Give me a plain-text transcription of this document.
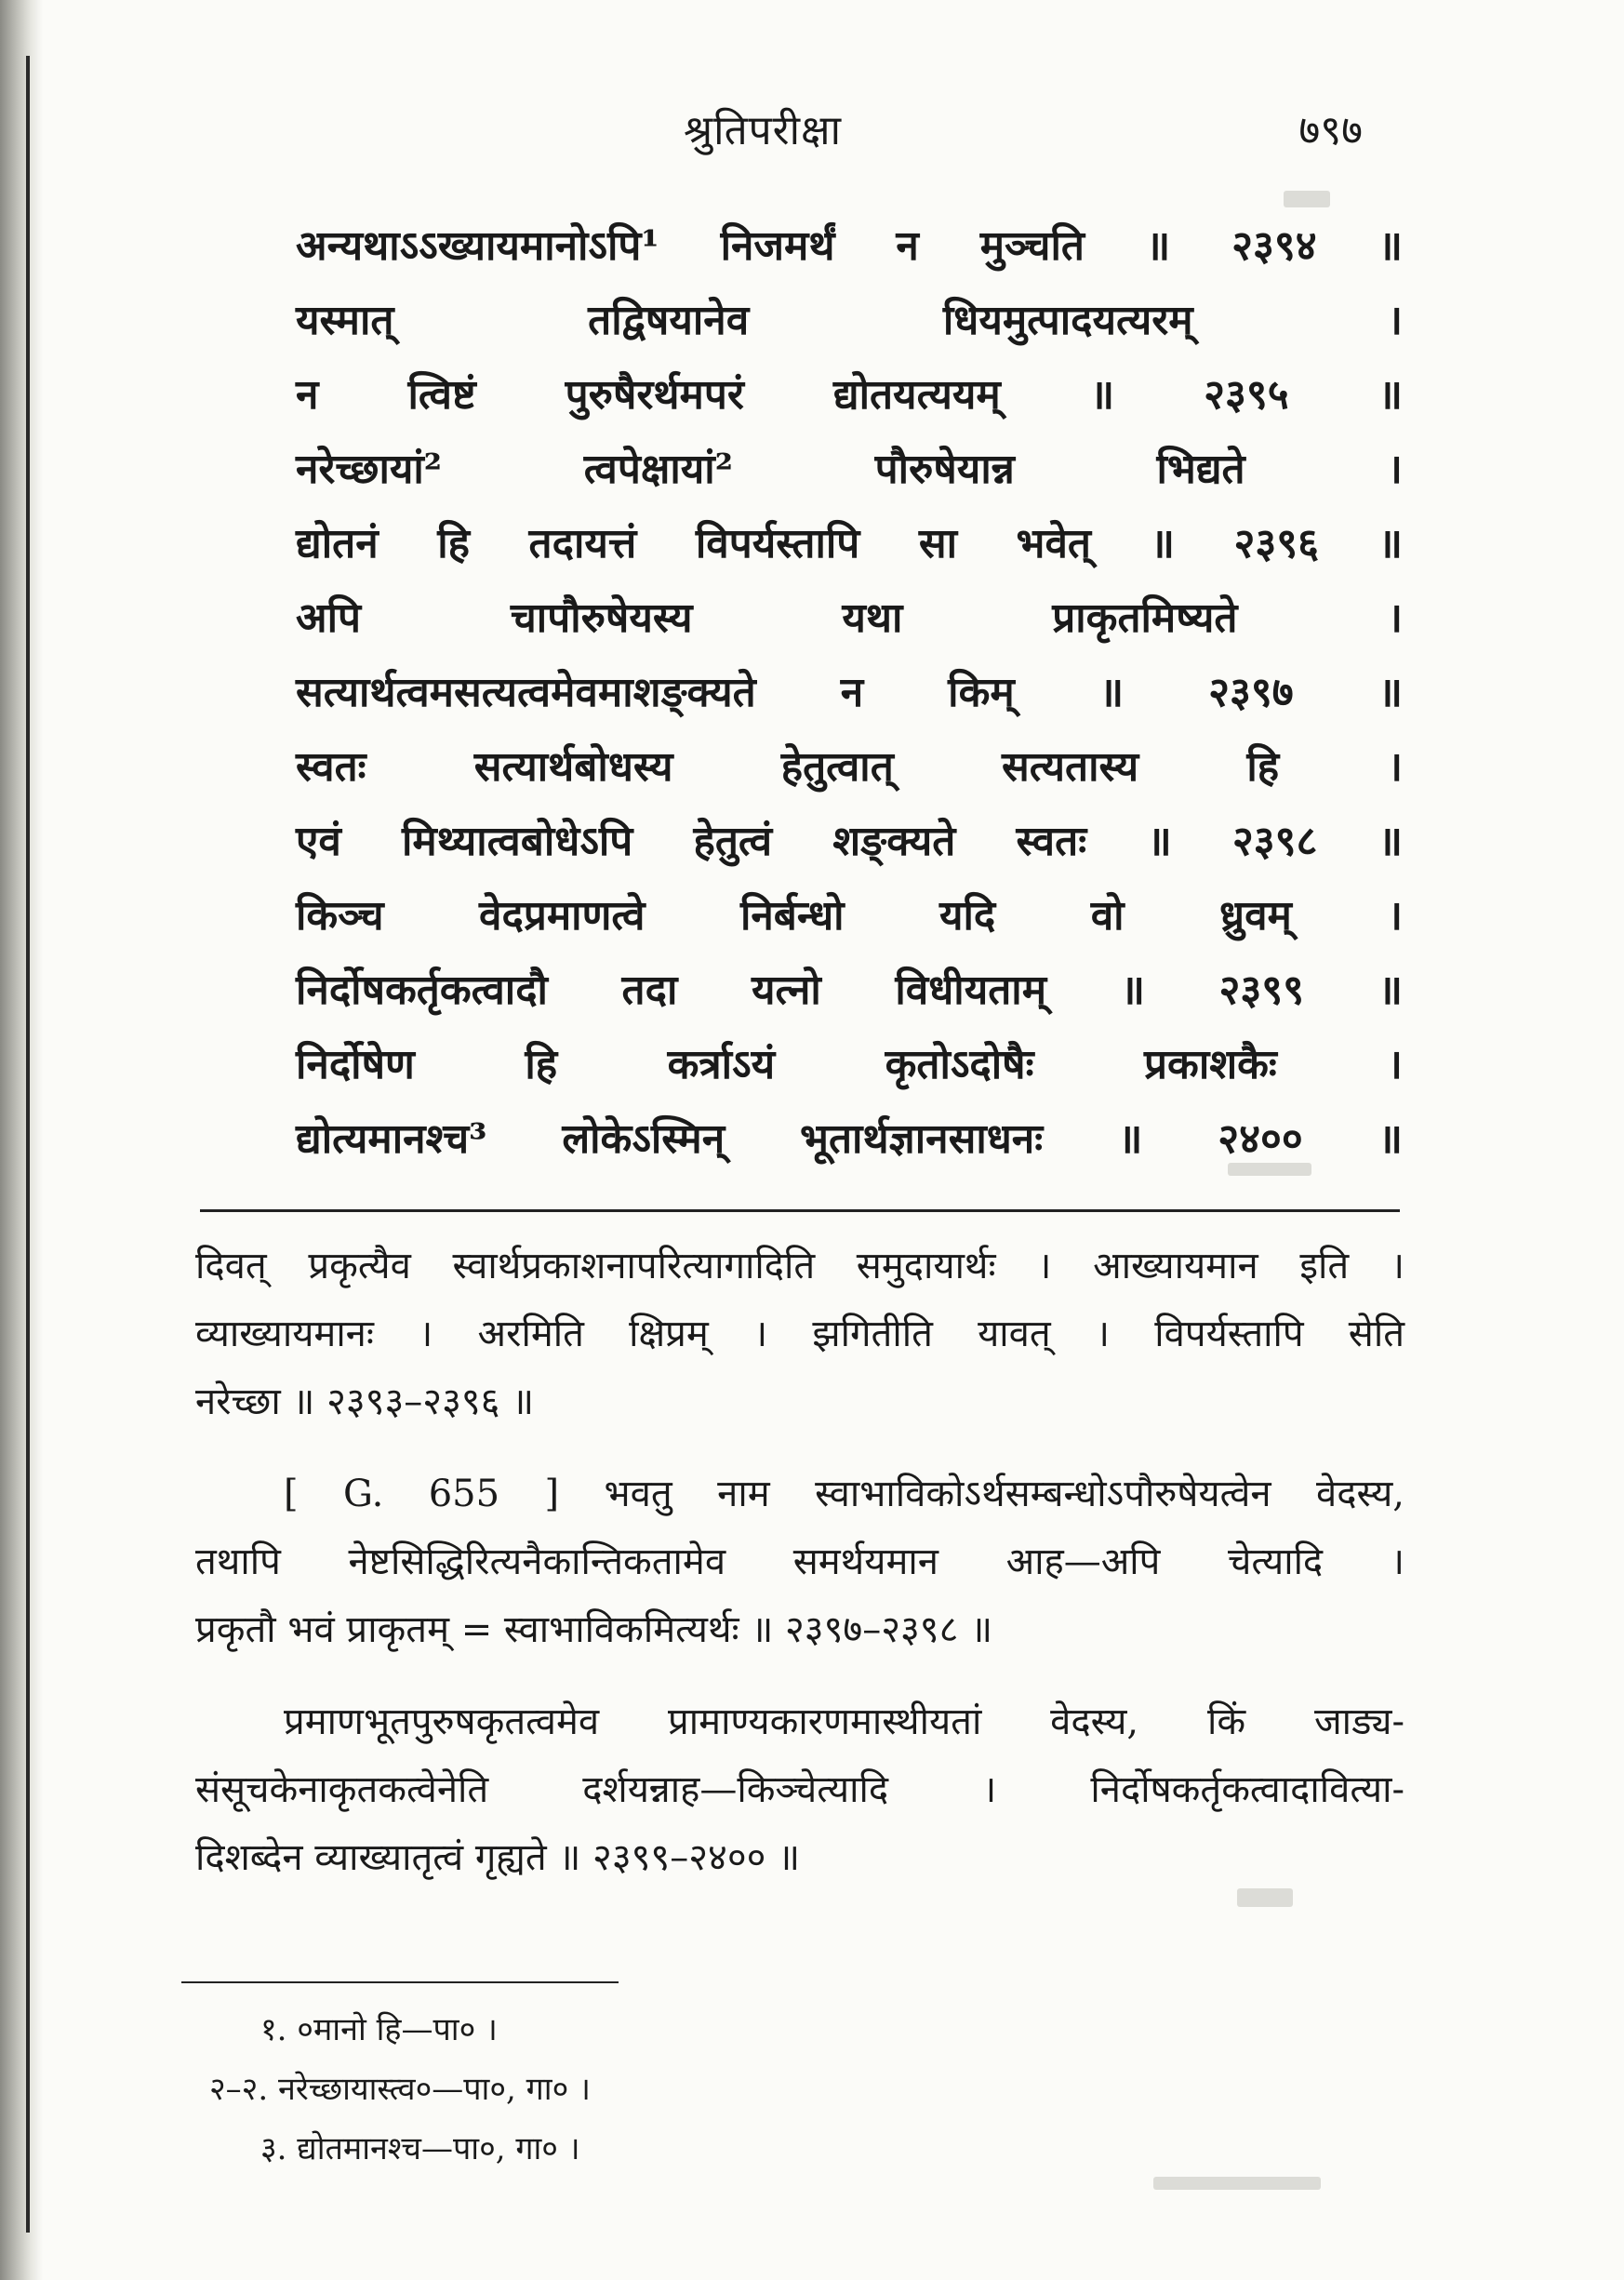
श्रुतिपरीक्षा	७९७
अन्यथाऽऽख्यायमानोऽपि¹ निजमर्थं न मुञ्चति ॥ २३९४ ॥
यस्मात् तद्विषयानेव धियमुत्पादयत्यरम् ।
न त्विष्टं पुरुषैरर्थमपरं द्योतयत्ययम् ॥ २३९५ ॥
नरेच्छायां² त्वपेक्षायां² पौरुषेयान्न भिद्यते ।
द्योतनं हि तदायत्तं विपर्यस्तापि सा भवेत् ॥ २३९६ ॥
अपि चापौरुषेयस्य यथा प्राकृतमिष्यते ।
सत्यार्थत्वमसत्यत्वमेवमाशङ्क्यते न किम् ॥ २३९७ ॥
स्वतः सत्यार्थबोधस्य हेतुत्वात् सत्यतास्य हि ।
एवं मिथ्यात्वबोधेऽपि हेतुत्वं शङ्क्यते स्वतः ॥ २३९८ ॥
किञ्च वेदप्रमाणत्वे निर्बन्धो यदि वो ध्रुवम् ।
निर्दोषकर्तृकत्वादौ तदा यत्नो विधीयताम् ॥ २३९९ ॥
निर्दोषेण हि कर्त्राऽयं कृतोऽदोषैः प्रकाशकैः ।
द्योत्यमानश्च³ लोकेऽस्मिन् भूतार्थज्ञानसाधनः ॥ २४०० ॥

दिवत् प्रकृत्यैव स्वार्थप्रकाशनापरित्यागादिति समुदायार्थः । आख्यायमान इति ।
व्याख्यायमानः । अरमिति क्षिप्रम् । झगितीति यावत् । विपर्यस्तापि सेति
नरेच्छा ॥ २३९३–२३९६ ॥

[ G. 655 ] भवतु नाम स्वाभाविकोऽर्थसम्बन्धोऽपौरुषेयत्वेन वेदस्य,
तथापि नेष्टसिद्धिरित्यनैकान्तिकतामेव समर्थयमान आह—अपि चेत्यादि ।
प्रकृतौ भवं प्राकृतम् = स्वाभाविकमित्यर्थः ॥ २३९७–२३९८ ॥

प्रमाणभूतपुरुषकृतत्वमेव प्रामाण्यकारणमास्थीयतां वेदस्य, किं जाड्य-
संसूचकेनाकृतकत्वेनेति दर्शयन्नाह—किञ्चेत्यादि । निर्दोषकर्तृकत्वादावित्या-
दिशब्देन व्याख्यातृत्वं गृह्यते ॥ २३९९–२४०० ॥

१. ०मानो हि—पा० ।
२–२. नरेच्छायास्त्व०—पा०, गा० ।
३. द्योतमानश्च—पा०, गा० ।
